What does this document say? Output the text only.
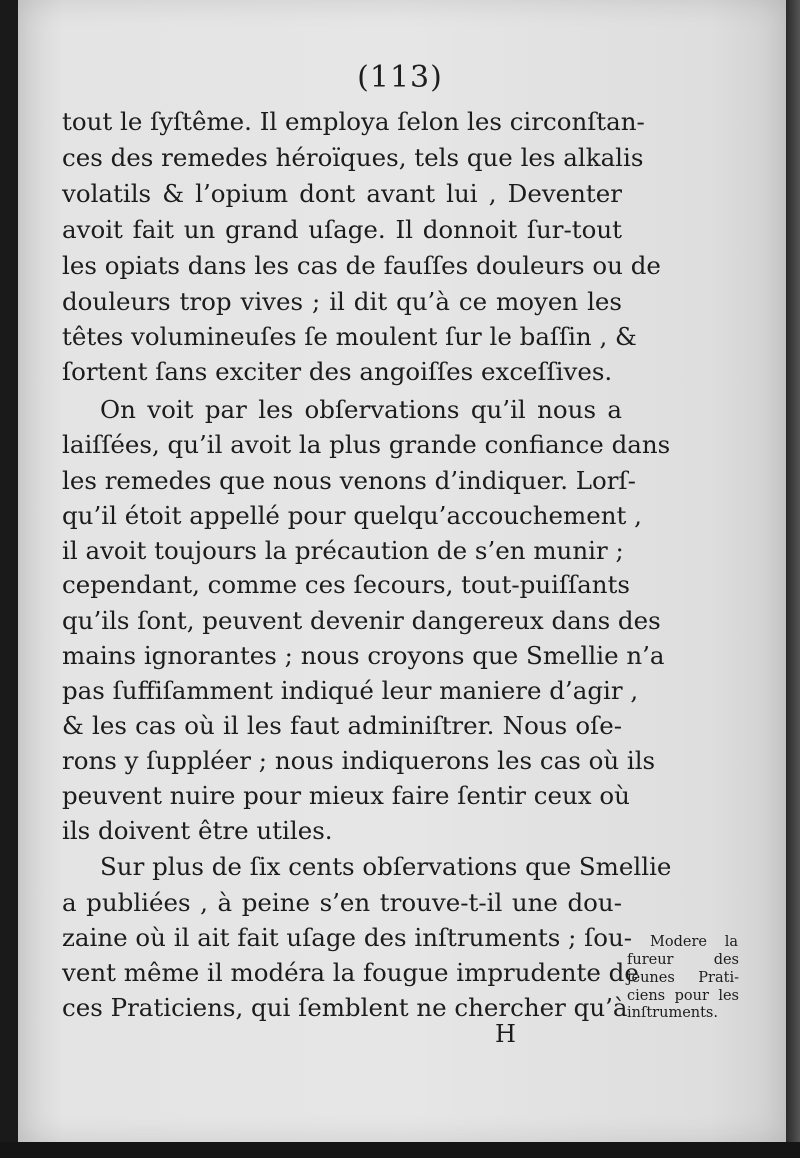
(113)
tout le ſyſtême. Il employa ſelon les circonſtan-
ces des remedes héroïques, tels que les alkalis
volatils & l’opium dont avant lui , Deventer
avoit fait un grand uſage. Il donnoit ſur-tout
les opiats dans les cas de fauſſes douleurs ou de
douleurs trop vives ; il dit qu’à ce moyen les
têtes volumineuſes ſe moulent ſur le baſſin , &
ſortent ſans exciter des angoiſſes exceſſives.
On voit par les obſervations qu’il nous a
laiſſées, qu’il avoit la plus grande confiance dans
les remedes que nous venons d’indiquer. Lorſ-
qu’il étoit appellé pour quelqu’accouchement ,
il avoit toujours la précaution de s’en munir ;
cependant, comme ces ſecours, tout-puiſſants
qu’ils ſont, peuvent devenir dangereux dans des
mains ignorantes ; nous croyons que Smellie n’a
pas ſuffiſamment indiqué leur maniere d’agir ,
& les cas où il les faut adminiſtrer. Nous oſe-
rons y ſuppléer ; nous indiquerons les cas où ils
peuvent nuire pour mieux faire ſentir ceux où
ils doivent être utiles.
Sur plus de ſix cents obſervations que Smellie
a publiées , à peine s’en trouve-t-il une dou-
zaine où il ait fait uſage des inſtruments ; ſou-
vent même il modéra la fougue imprudente de
ces Praticiens, qui ſemblent ne chercher qu’à
Modere la
fureur des
jeunes Prati-
ciens pour les
inſtruments.
H
